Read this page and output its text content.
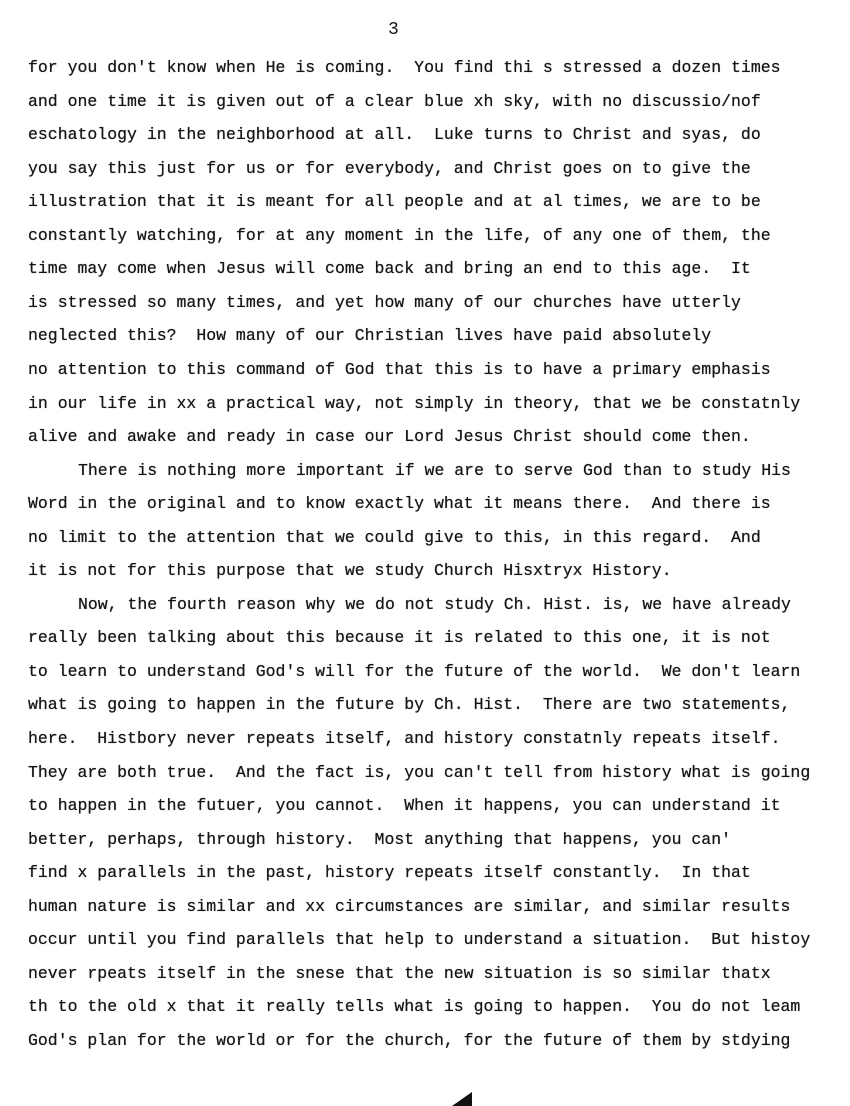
3
for you don't know when He is coming.  You find thi s stressed a dozen times
and one time it is given out of a clear blue xh sky, with no discussio/nof
eschatology in the neighborhood at all.  Luke turns to Christ and syas, do
you say this just for us or for everybody, and Christ goes on to give the
illustration that it is meant for all people and at al times, we are to be
constantly watching, for at any moment in the life, of any one of them, the
time may come when Jesus will come back and bring an end to this age.  It
is stressed so many times, and yet how many of our churches have utterly
neglected this?  How many of our Christian lives have paid absolutely
no attention to this command of God that this is to have a primary emphasis
in our life in xx a practical way, not simply in theory, that we be constatnly
alive and awake and ready in case our Lord Jesus Christ should come then.
There is nothing more important if we are to serve God than to study His
Word in the original and to know exactly what it means there.  And there is
no limit to the attention that we could give to this, in this regard.  And
it is not for this purpose that we study Church Hisxtryx History.
Now, the fourth reason why we do not study Ch. Hist. is, we have already
really been talking about this because it is related to this one, it is not
to learn to understand God's will for the future of the world.  We don't learn
what is going to happen in the future by Ch. Hist.  There are two statements,
here.  Histbory never repeats itself, and history constatnly repeats itself.
They are both true.  And the fact is, you can't tell from history what is going
to happen in the futuer, you cannot.  When it happens, you can understand it
better, perhaps, through history.  Most anything that happens, you can'
find x parallels in the past, history repeats itself constantly.  In that
human nature is similar and xx circumstances are similar, and similar results
occur until you find parallels that help to understand a situation.  But histoy
never rpeats itself in the snese that the new situation is so similar thatx
th to the old x that it really tells what is going to happen.  You do not leam
God's plan for the world or for the church, for the future of them by stdying
